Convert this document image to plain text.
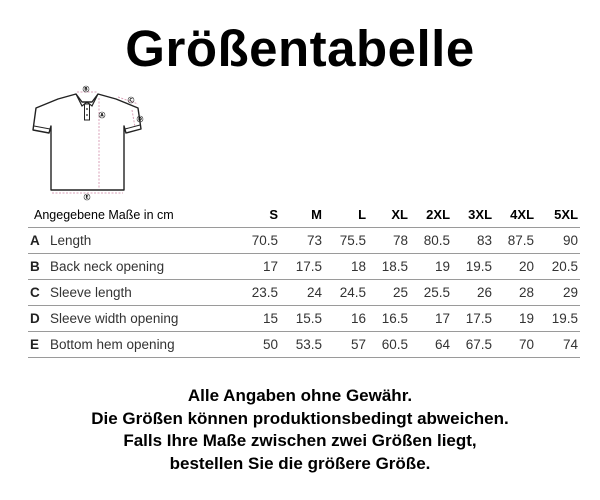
Größentabelle
B
C
A
D
E
Angegebene Maße in cm		S	M	L	XL	2XL	3XL	4XL	5XL
A	Length	70.5	73	75.5	78	80.5	83	87.5	90
B	Back neck opening	17	17.5	18	18.5	19	19.5	20	20.5
C	Sleeve length	23.5	24	24.5	25	25.5	26	28	29
D	Sleeve width opening	15	15.5	16	16.5	17	17.5	19	19.5
E	Bottom hem opening	50	53.5	57	60.5	64	67.5	70	74
Alle Angaben ohne Gewähr.
Die Größen können produktionsbedingt abweichen.
Falls Ihre Maße zwischen zwei Größen liegt,
bestellen Sie die größere Größe.
